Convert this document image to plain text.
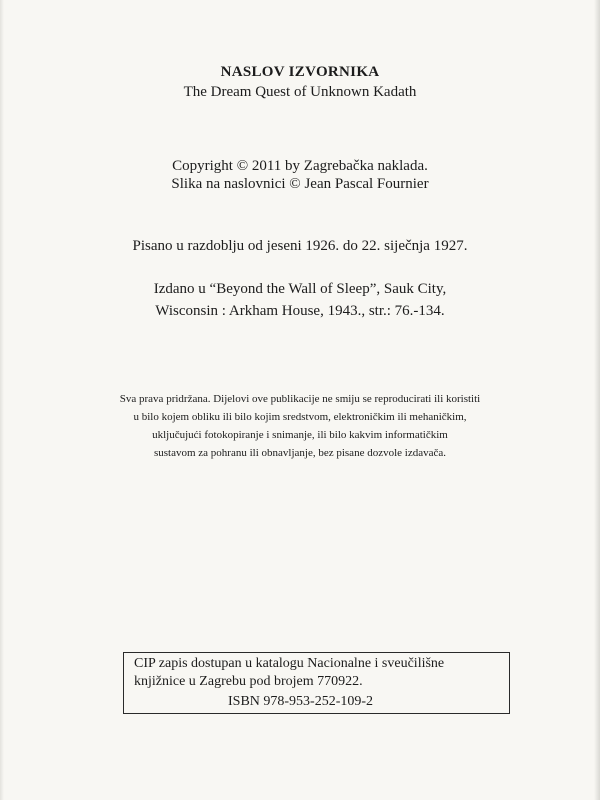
NASLOV IZVORNIKA
The Dream Quest of Unknown Kadath
Copyright © 2011 by Zagrebačka naklada.
Slika na naslovnici © Jean Pascal Fournier
Pisano u razdoblju od jeseni 1926. do 22. siječnja 1927.
Izdano u “Beyond the Wall of Sleep”, Sauk City,
Wisconsin : Arkham House, 1943., str.: 76.-134.
Sva prava pridržana. Dijelovi ove publikacije ne smiju se reproducirati ili koristiti
u bilo kojem obliku ili bilo kojim sredstvom, elektroničkim ili mehaničkim,
uključujući fotokopiranje i snimanje, ili bilo kakvim informatičkim
sustavom za pohranu ili obnavljanje, bez pisane dozvole izdavača.
CIP zapis dostupan u katalogu Nacionalne i sveučilišne
knjižnice u Zagrebu pod brojem 770922.
ISBN 978-953-252-109-2
